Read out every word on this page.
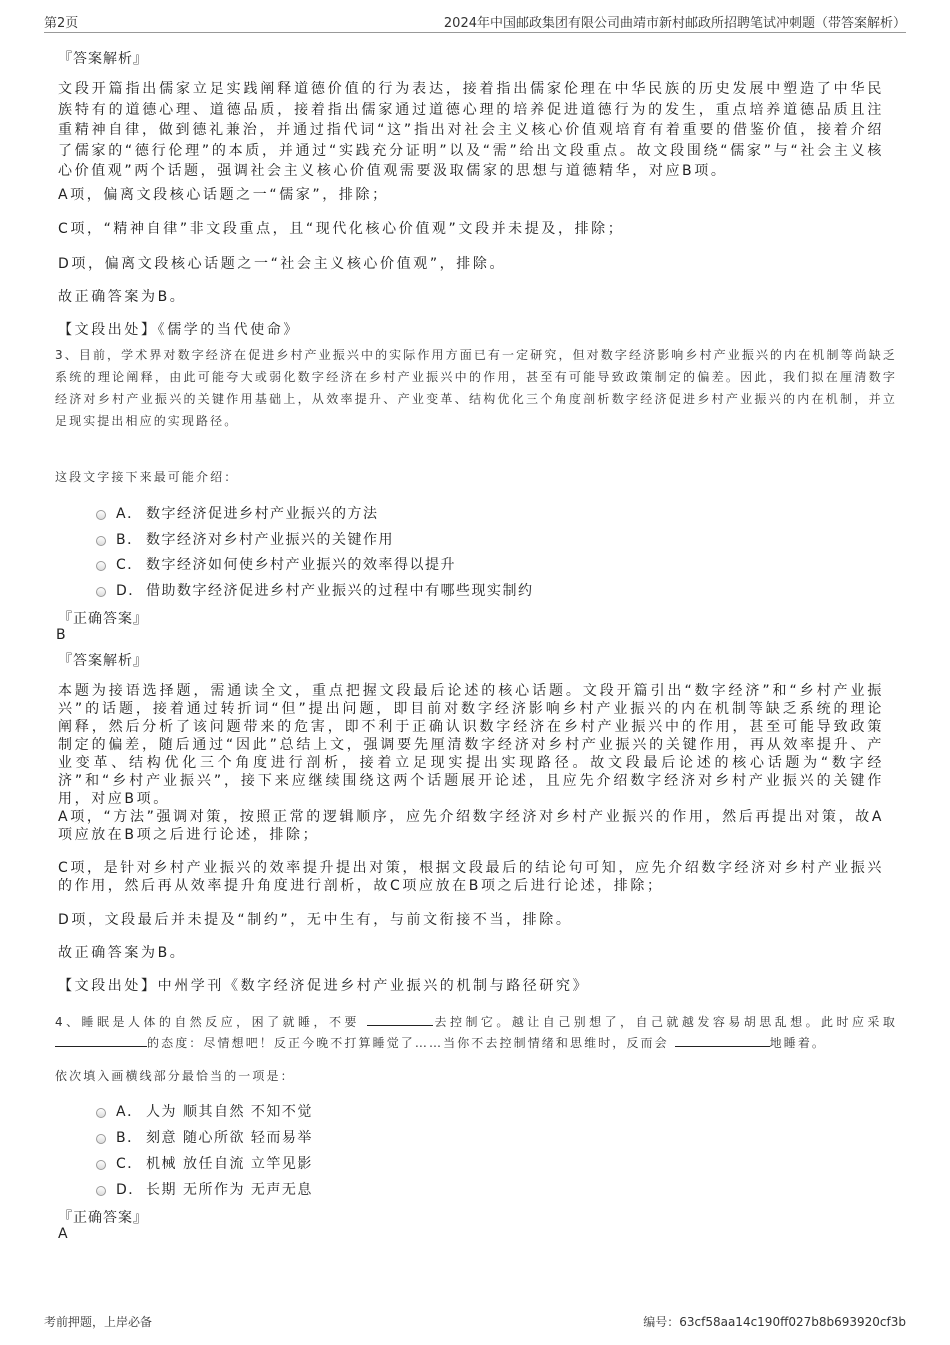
第2页	2024年中国邮政集团有限公司曲靖市新村邮政所招聘笔试冲刺题（带答案解析）
『答案解析』
文段开篇指出儒家立足实践阐释道德价值的行为表达，接着指出儒家伦理在中华民族的历史发展中塑造了中华民族特有的道德心理、道德品质，接着指出儒家通过道德心理的培养促进道德行为的发生，重点培养道德品质且注重精神自律，做到德礼兼治，并通过指代词“这”指出对社会主义核心价值观培育有着重要的借鉴价值，接着介绍了儒家的“德行伦理”的本质，并通过“实践充分证明”以及“需”给出文段重点。故文段围绕“儒家”与“社会主义核心价值观”两个话题，强调社会主义核心价值观需要汲取儒家的思想与道德精华，对应B项。
A项，偏离文段核心话题之一“儒家”，排除；
C项，“精神自律”非文段重点，且“现代化核心价值观”文段并未提及，排除；
D项，偏离文段核心话题之一“社会主义核心价值观”，排除。
故正确答案为B。
【文段出处】《儒学的当代使命》
3、目前，学术界对数字经济在促进乡村产业振兴中的实际作用方面已有一定研究，但对数字经济影响乡村产业振兴的内在机制等尚缺乏系统的理论阐释，由此可能夸大或弱化数字经济在乡村产业振兴中的作用，甚至有可能导致政策制定的偏差。因此，我们拟在厘清数字经济对乡村产业振兴的关键作用基础上，从效率提升、产业变革、结构优化三个角度剖析数字经济促进乡村产业振兴的内在机制，并立足现实提出相应的实现路径。
这段文字接下来最可能介绍：
A． 数字经济促进乡村产业振兴的方法
B． 数字经济对乡村产业振兴的关键作用
C． 数字经济如何使乡村产业振兴的效率得以提升
D． 借助数字经济促进乡村产业振兴的过程中有哪些现实制约
『正确答案』
B
『答案解析』
本题为接语选择题，需通读全文，重点把握文段最后论述的核心话题。文段开篇引出“数字经济”和“乡村产业振兴”的话题，接着通过转折词“但”提出问题，即目前对数字经济影响乡村产业振兴的内在机制等缺乏系统的理论阐释，然后分析了该问题带来的危害，即不利于正确认识数字经济在乡村产业振兴中的作用，甚至可能导致政策制定的偏差，随后通过“因此”总结上文，强调要先厘清数字经济对乡村产业振兴的关键作用，再从效率提升、产业变革、结构优化三个角度进行剖析，接着立足现实提出实现路径。故文段最后论述的核心话题为“数字经济”和“乡村产业振兴”，接下来应继续围绕这两个话题展开论述，且应先介绍数字经济对乡村产业振兴的关键作用，对应B项。
A项，“方法”强调对策，按照正常的逻辑顺序，应先介绍数字经济对乡村产业振兴的作用，然后再提出对策，故A项应放在B项之后进行论述，排除；
C项，是针对乡村产业振兴的效率提升提出对策，根据文段最后的结论句可知，应先介绍数字经济对乡村产业振兴的作用，然后再从效率提升角度进行剖析，故C项应放在B项之后进行论述，排除；
D项，文段最后并未提及“制约”，无中生有，与前文衔接不当，排除。
故正确答案为B。
【文段出处】中州学刊《数字经济促进乡村产业振兴的机制与路径研究》
4、睡眠是人体的自然反应，困了就睡，不要	去控制它。越让自己别想了，自己就越发容易胡思乱想。此时应采取 的态度：尽情想吧！反正今晚不打算睡觉了……当你不去控制情绪和思维时，反而会	地睡着。
依次填入画横线部分最恰当的一项是：
A． 人为 顺其自然 不知不觉
B． 刻意 随心所欲 轻而易举
C． 机械 放任自流 立竿见影
D． 长期 无所作为 无声无息
『正确答案』
A
考前押题，上岸必备	编号：63cf58aa14c190ff027b8b693920cf3b
